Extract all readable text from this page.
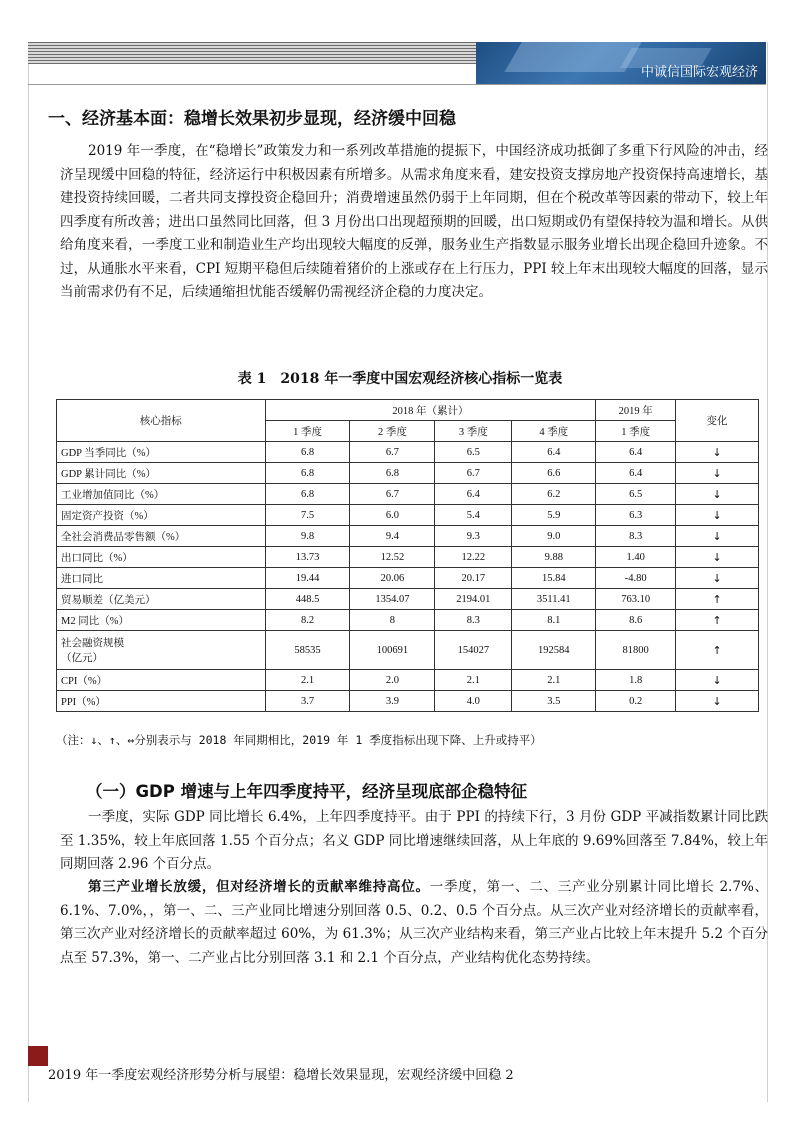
中诚信国际宏观经济
一、经济基本面：稳增长效果初步显现，经济缓中回稳

2019 年一季度，在“稳增长”政策发力和一系列改革措施的提振下，中国经济成功抵御了多重下行风险的冲击，经济呈现缓中回稳的特征，经济运行中积极因素有所增多。从需求角度来看，建安投资支撑房地产投资保持高速增长，基建投资持续回暖，二者共同支撑投资企稳回升；消费增速虽然仍弱于上年同期，但在个税改革等因素的带动下，较上年四季度有所改善；进出口虽然同比回落，但 3 月份出口出现超预期的回暖，出口短期或仍有望保持较为温和增长。从供给角度来看，一季度工业和制造业生产均出现较大幅度的反弹，服务业生产指数显示服务业增长出现企稳回升迹象。不过，从通胀水平来看，CPI 短期平稳但后续随着猪价的上涨或存在上行压力，PPI 较上年末出现较大幅度的回落，显示当前需求仍有不足，后续通缩担忧能否缓解仍需视经济企稳的力度决定。

表 1　2018 年一季度中国宏观经济核心指标一览表
核心指标	2018 年（累计）				2019 年	变化
	1 季度	2 季度	3 季度	4 季度	1 季度	
GDP 当季同比（%）	6.8	6.7	6.5	6.4	6.4	↓
GDP 累计同比（%）	6.8	6.8	6.7	6.6	6.4	↓
工业增加值同比（%）	6.8	6.7	6.4	6.2	6.5	↓
固定资产投资（%）	7.5	6.0	5.4	5.9	6.3	↓
全社会消费品零售额（%）	9.8	9.4	9.3	9.0	8.3	↓
出口同比（%）	13.73	12.52	12.22	9.88	1.40	↓
进口同比	19.44	20.06	20.17	15.84	-4.80	↓
贸易顺差（亿美元）	448.5	1354.07	2194.01	3511.41	763.10	↑
M2 同比（%）	8.2	8	8.3	8.1	8.6	↑
社会融资规模
（亿元）	58535	100691	154027	192584	81800	↑
CPI（%）	2.1	2.0	2.1	2.1	1.8	↓
PPI（%）	3.7	3.9	4.0	3.5	0.2	↓
（注：↓、↑、↔分别表示与 2018 年同期相比，2019 年 1 季度指标出现下降、上升或持平）
（一）GDP 增速与上年四季度持平，经济呈现底部企稳特征

一季度，实际 GDP 同比增长 6.4%，上年四季度持平。由于 PPI 的持续下行，3 月份 GDP 平减指数累计同比跌至 1.35%，较上年底回落 1.55 个百分点；名义 GDP 同比增速继续回落，从上年底的 9.69%回落至 7.84%，较上年同期回落 2.96 个百分点。

第三产业增长放缓，但对经济增长的贡献率维持高位。一季度，第一、二、三产业分别累计同比增长 2.7%、6.1%、7.0%，，第一、二、三产业同比增速分别回落 0.5、0.2、0.5 个百分点。从三次产业对经济增长的贡献率看，第三次产业对经济增长的贡献率超过 60%，为 61.3%；从三次产业结构来看，第三产业占比较上年末提升 5.2 个百分点至 57.3%，第一、二产业占比分别回落 3.1 和 2.1 个百分点，产业结构优化态势持续。

2019 年一季度宏观经济形势分析与展望：稳增长效果显现，宏观经济缓中回稳 2
